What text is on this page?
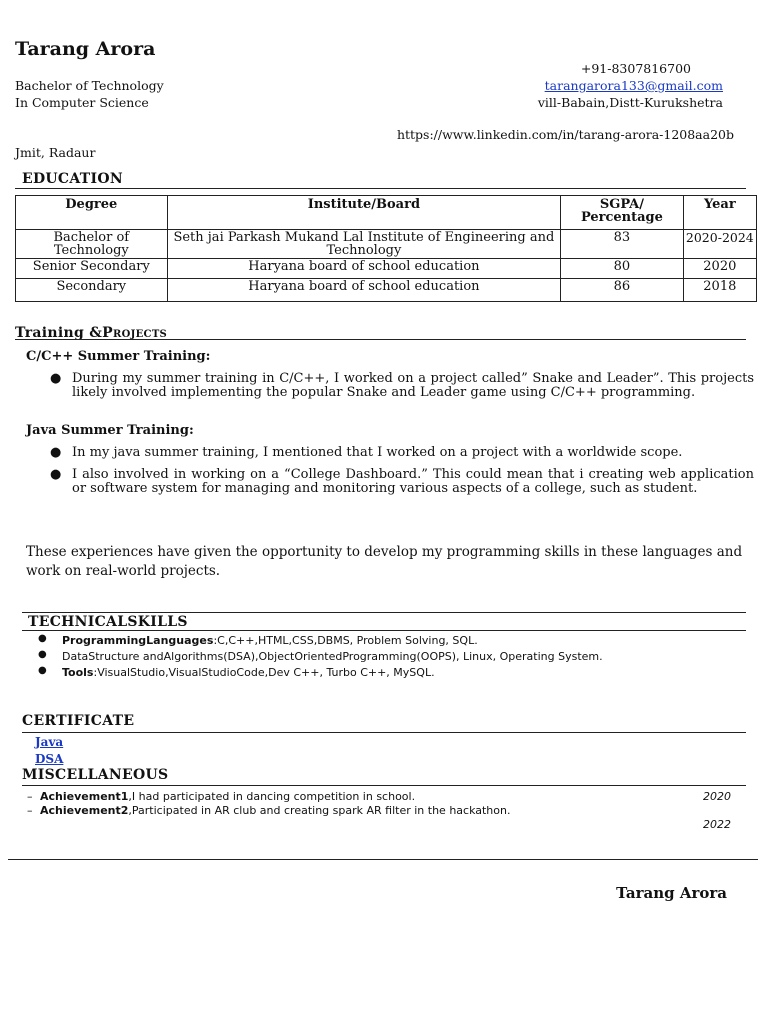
Tarang Arora
Bachelor of Technology
In Computer Science
Jmit, Radaur
+91-8307816700
tarangarora133@gmail.com
vill-Babain,Distt-Kurukshetra
https://www.linkedin.com/in/tarang-arora-1208aa20b
EDUCATION
Degree	Institute/Board	SGPA/ Percentage	Year
Bachelor of Technology	Seth jai Parkash Mukand Lal Institute of Engineering and Technology	83	2020-2024
Senior Secondary	Haryana board of school education	80	2020
Secondary	Haryana board of school education	86	2018
Training &Projects
C/C++ Summer Training:
● During my summer training in C/C++, I worked on a project called” Snake and Leader”. This projects likely involved implementing the popular Snake and Leader game using C/C++ programming.
Java Summer Training:
● In my java summer training, I mentioned that I worked on a project with a worldwide scope.
● I also involved in working on a “College Dashboard.” This could mean that i creating web application or software system for managing and monitoring various aspects of a college, such as student.
These experiences have given the opportunity to develop my programming skills in these languages and work on real-world projects.
TECHNICALSKILLS
● ProgrammingLanguages:C,C++,HTML,CSS,DBMS, Problem Solving, SQL.
● DataStructure andAlgorithms(DSA),ObjectOrientedProgramming(OOPS), Linux, Operating System.
● Tools:VisualStudio,VisualStudioCode,Dev C++, Turbo C++, MySQL.
CERTIFICATE
Java
DSA
MISCELLANEOUS
– Achievement1,I had participated in dancing competition in school.
– Achievement2,Participated in AR club and creating spark AR filter in the hackathon.
2020
2022
Tarang Arora
